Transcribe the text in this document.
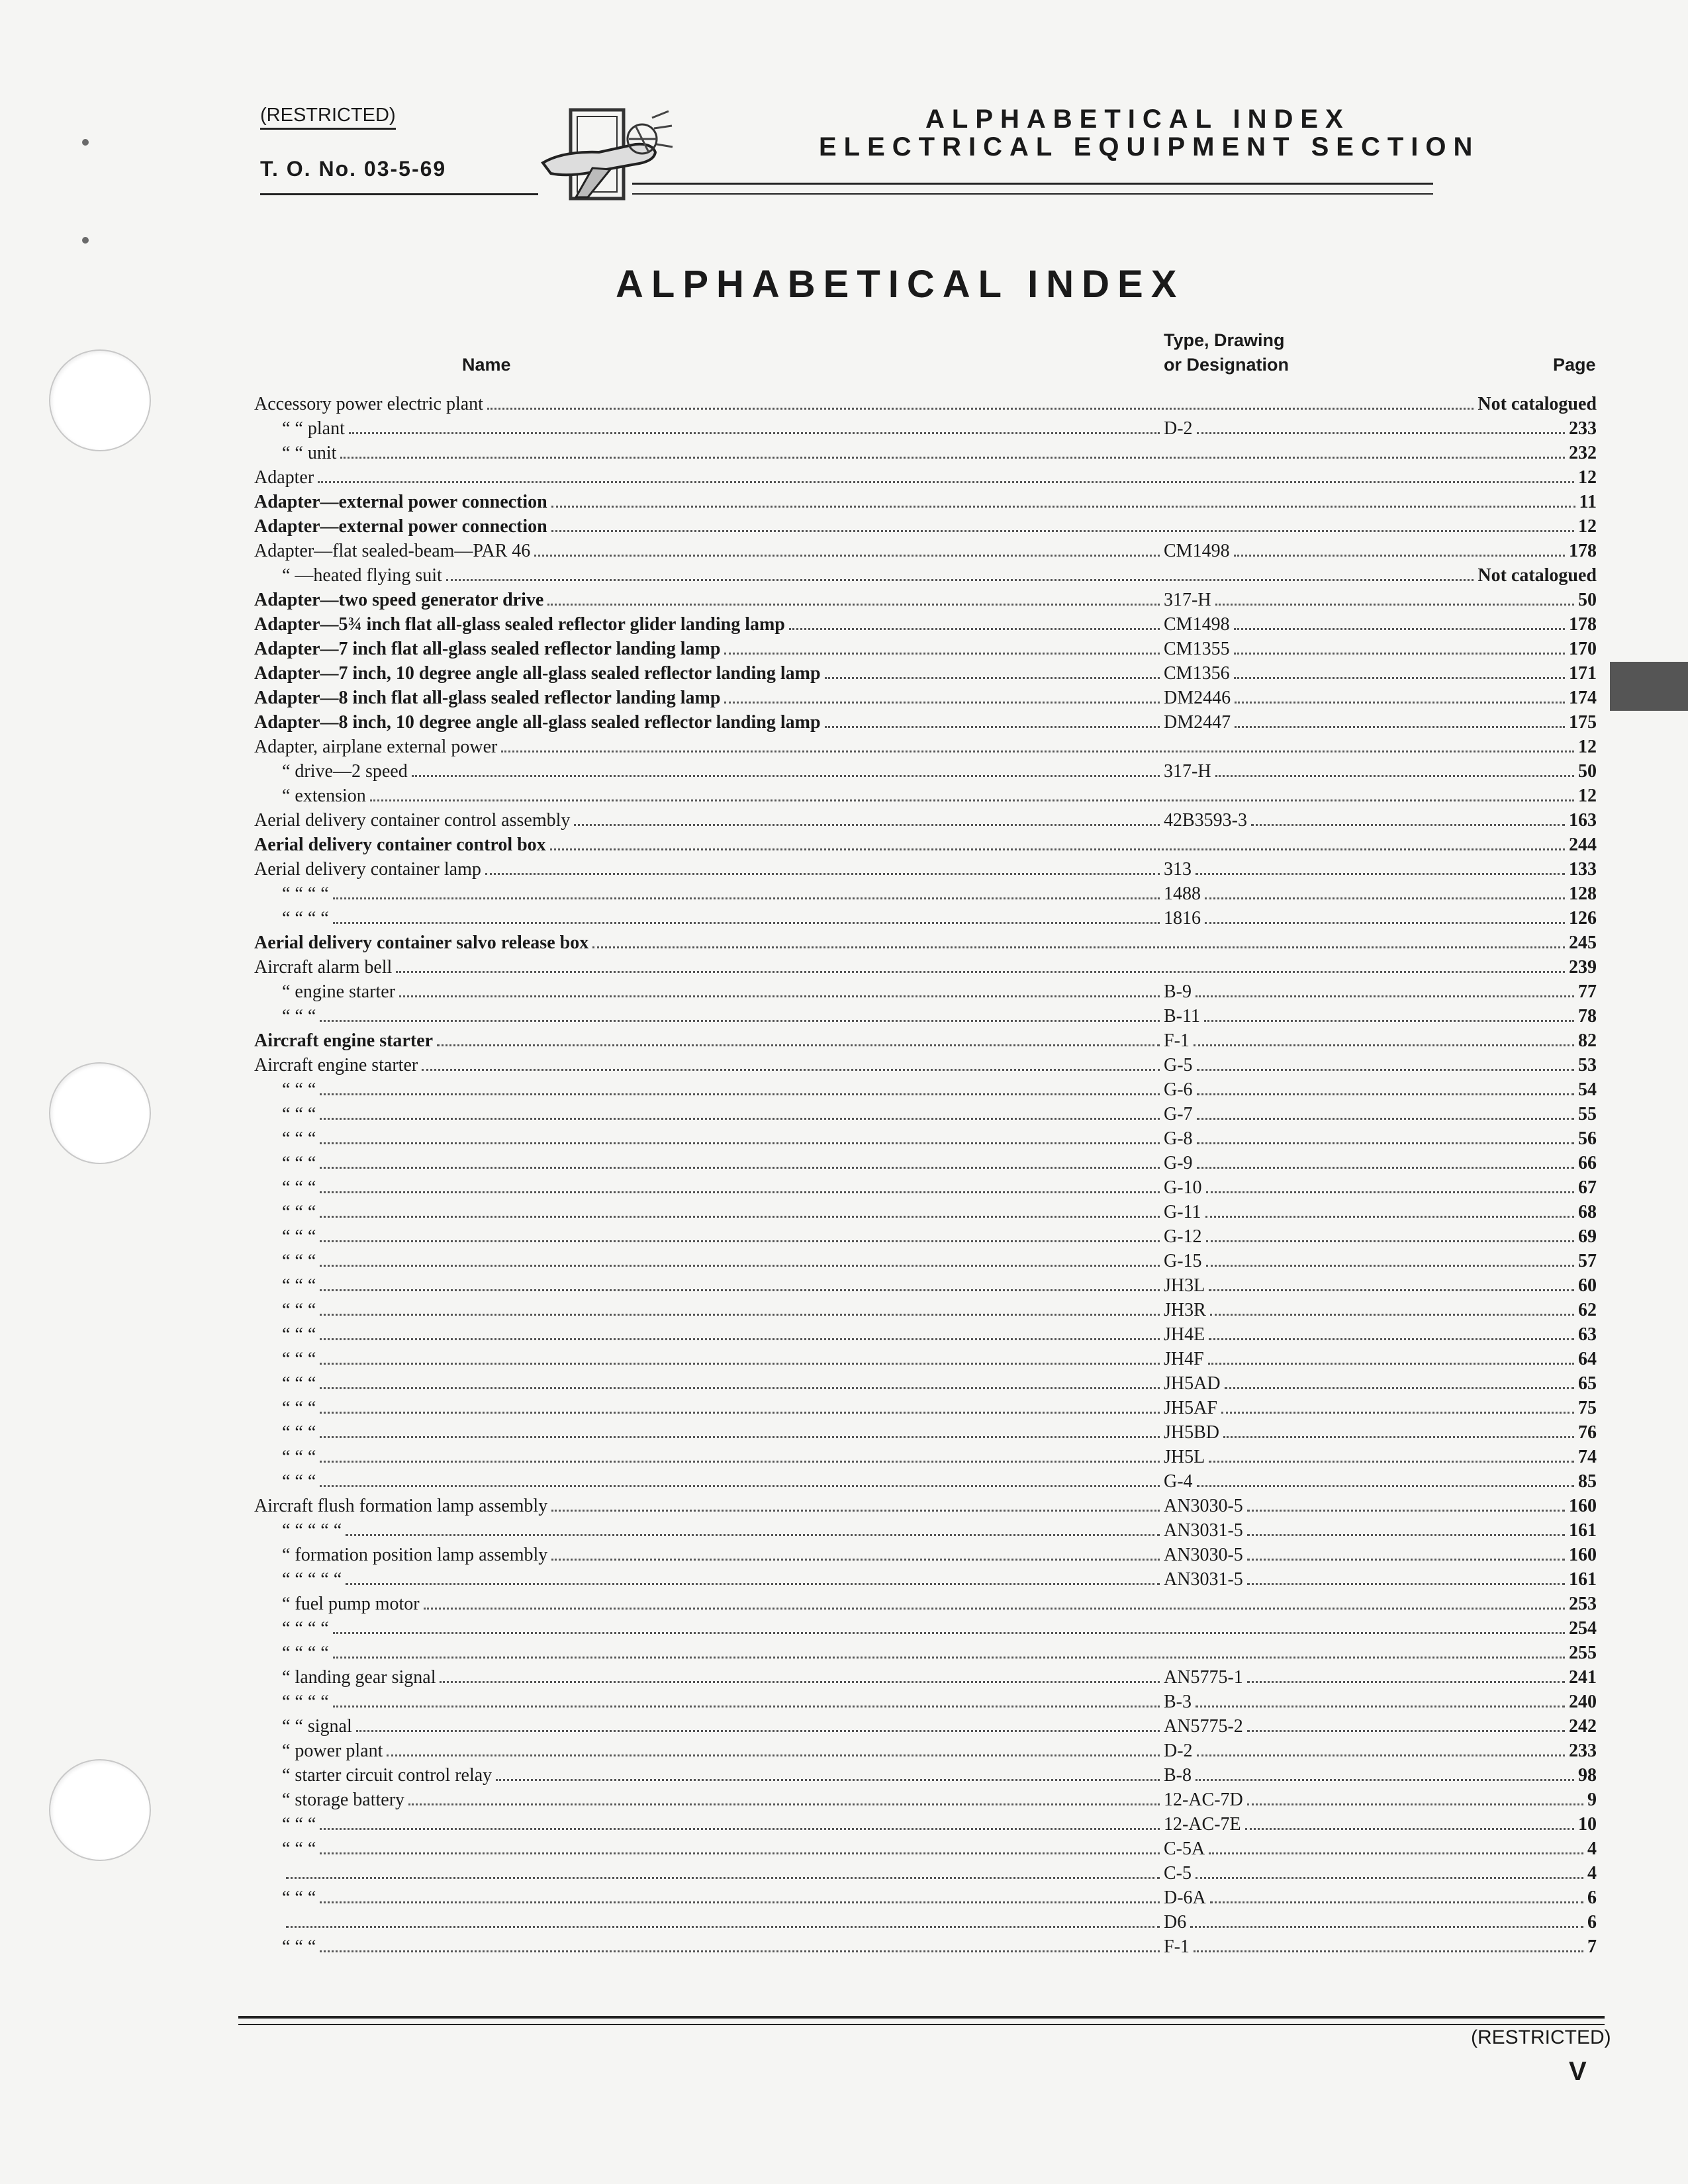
(RESTRICTED)
T. O. No. 03-5-69
ALPHABETICAL INDEX
ELECTRICAL EQUIPMENT SECTION
ALPHABETICAL INDEX
Name
Type, Drawing
or Designation	Page
Accessory power electric plant	Not catalogued
“ “ plant	D-2	233
“ “ unit	232
Adapter	12
Adapter—external power connection	11
Adapter—external power connection	12
Adapter—flat sealed-beam—PAR 46	CM1498	178
“ —heated flying suit	Not catalogued
Adapter—two speed generator drive	317-H	50
Adapter—5¾ inch flat all-glass sealed reflector glider landing lamp	CM1498	178
Adapter—7 inch flat all-glass sealed reflector landing lamp	CM1355	170
Adapter—7 inch, 10 degree angle all-glass sealed reflector landing lamp	CM1356	171
Adapter—8 inch flat all-glass sealed reflector landing lamp	DM2446	174
Adapter—8 inch, 10 degree angle all-glass sealed reflector landing lamp	DM2447	175
Adapter, airplane external power	12
“ drive—2 speed	317-H	50
“ extension	12
Aerial delivery container control assembly	42B3593-3	163
Aerial delivery container control box	244
Aerial delivery container lamp	313	133
“ “ “ “	1488	128
“ “ “ “	1816	126
Aerial delivery container salvo release box	245
Aircraft alarm bell	239
“ engine starter	B-9	77
“ “ “	B-11	78
Aircraft engine starter	F-1	82
Aircraft engine starter	G-5	53
“ “ “	G-6	54
“ “ “	G-7	55
“ “ “	G-8	56
“ “ “	G-9	66
“ “ “	G-10	67
“ “ “	G-11	68
“ “ “	G-12	69
“ “ “	G-15	57
“ “ “	JH3L	60
“ “ “	JH3R	62
“ “ “	JH4E	63
“ “ “	JH4F	64
“ “ “	JH5AD	65
“ “ “	JH5AF	75
“ “ “	JH5BD	76
“ “ “	JH5L	74
“ “ “	G-4	85
Aircraft flush formation lamp assembly	AN3030-5	160
“ “ “ “ “	AN3031-5	161
“ formation position lamp assembly	AN3030-5	160
“ “ “ “ “	AN3031-5	161
“ fuel pump motor	253
“ “ “ “	254
“ “ “ “	255
“ landing gear signal	AN5775-1	241
“ “ “ “	B-3	240
“ “ signal	AN5775-2	242
“ power plant	D-2	233
“ starter circuit control relay	B-8	98
“ storage battery	12-AC-7D	9
“ “ “	12-AC-7E	10
“ “ “	C-5A	4
C-5	4
“ “ “	D-6A	6
D6	6
“ “ “	F-1	7
(RESTRICTED)
V
